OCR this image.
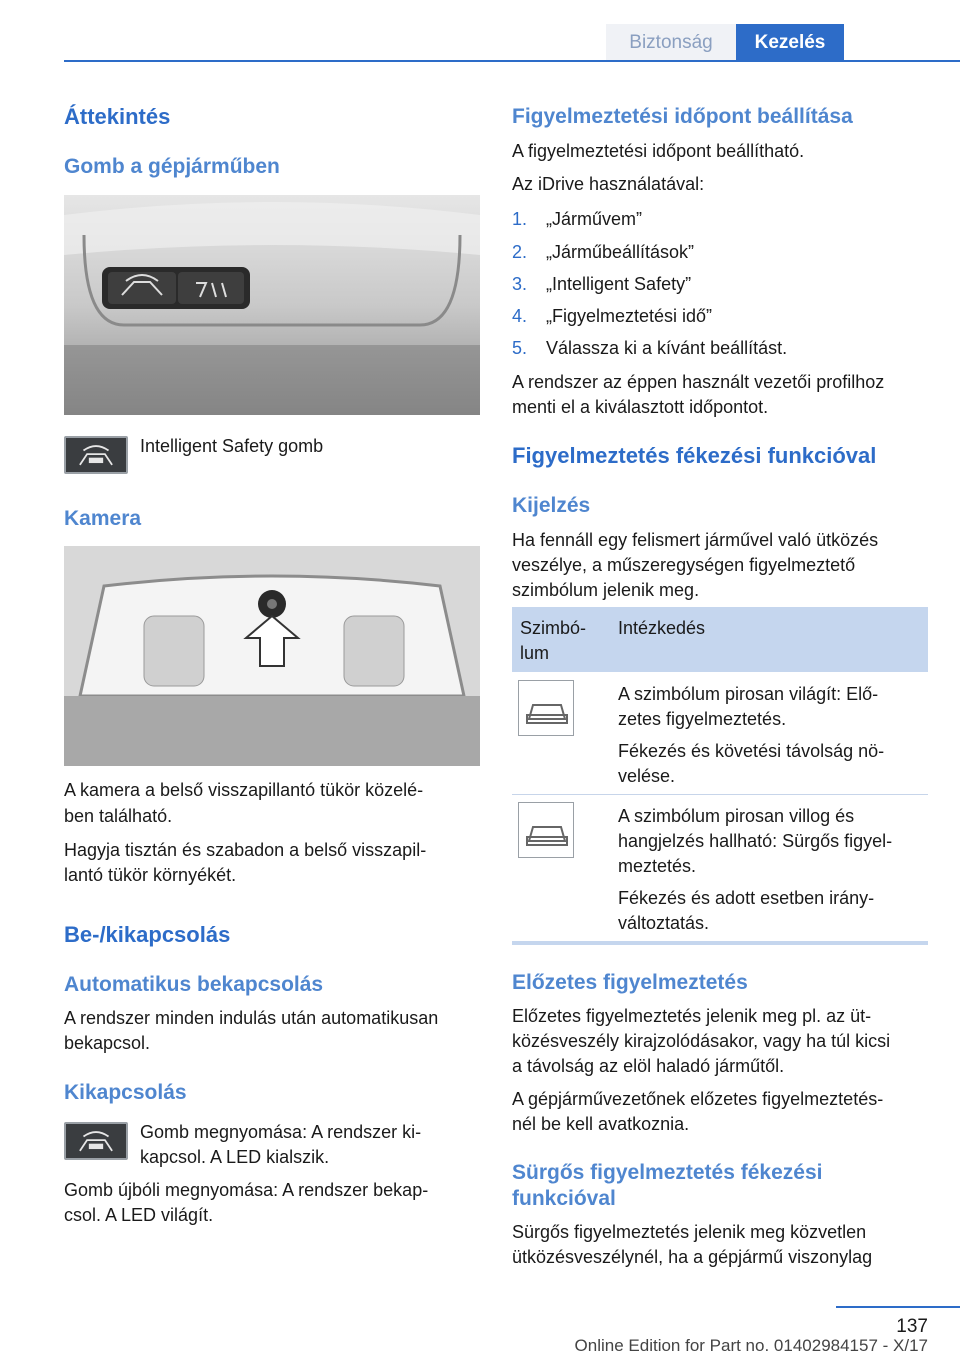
Biztonság	Kezelés
Áttekintés
Gomb a gépjárműben
Intelligent Safety gomb
Kamera
A kamera a belső visszapillantó tükör közelé-
ben található.
Hagyja tisztán és szabadon a belső visszapil-
lantó tükör környékét.
Be-/kikapcsolás
Automatikus bekapcsolás
A rendszer minden indulás után automatikusan
bekapcsol.
Kikapcsolás
Gomb megnyomása: A rendszer ki-
kapcsol. A LED kialszik.
Gomb újbóli megnyomása: A rendszer bekap-
csol. A LED világít.
Figyelmeztetési időpont beállítása
A figyelmeztetési időpont beállítható.
Az iDrive használatával:
1. „Járművem”
2. „Járműbeállítások”
3. „Intelligent Safety”
4. „Figyelmeztetési idő”
5. Válassza ki a kívánt beállítást.
A rendszer az éppen használt vezetői profilhoz
menti el a kiválasztott időpontot.
Figyelmeztetés fékezési funkcióval
Kijelzés
Ha fennáll egy felismert járművel való ütközés
veszélye, a műszeregységen figyelmeztető
szimbólum jelenik meg.
Szimbó-
lum
Intézkedés
A szimbólum pirosan világít: Elő-
zetes figyelmeztetés.
Fékezés és követési távolság nö-
velése.
A szimbólum pirosan villog és
hangjelzés hallható: Sürgős figyel-
meztetés.
Fékezés és adott esetben irány-
változtatás.
Előzetes figyelmeztetés
Előzetes figyelmeztetés jelenik meg pl. az üt-
közésveszély kirajzolódásakor, vagy ha túl kicsi
a távolság az elöl haladó járműtől.
A gépjárművezetőnek előzetes figyelmeztetés-
nél be kell avatkoznia.
Sürgős figyelmeztetés fékezési
funkcióval
Sürgős figyelmeztetés jelenik meg közvetlen
ütközésveszélynél, ha a gépjármű viszonylag
137
Online Edition for Part no. 01402984157 - X/17
